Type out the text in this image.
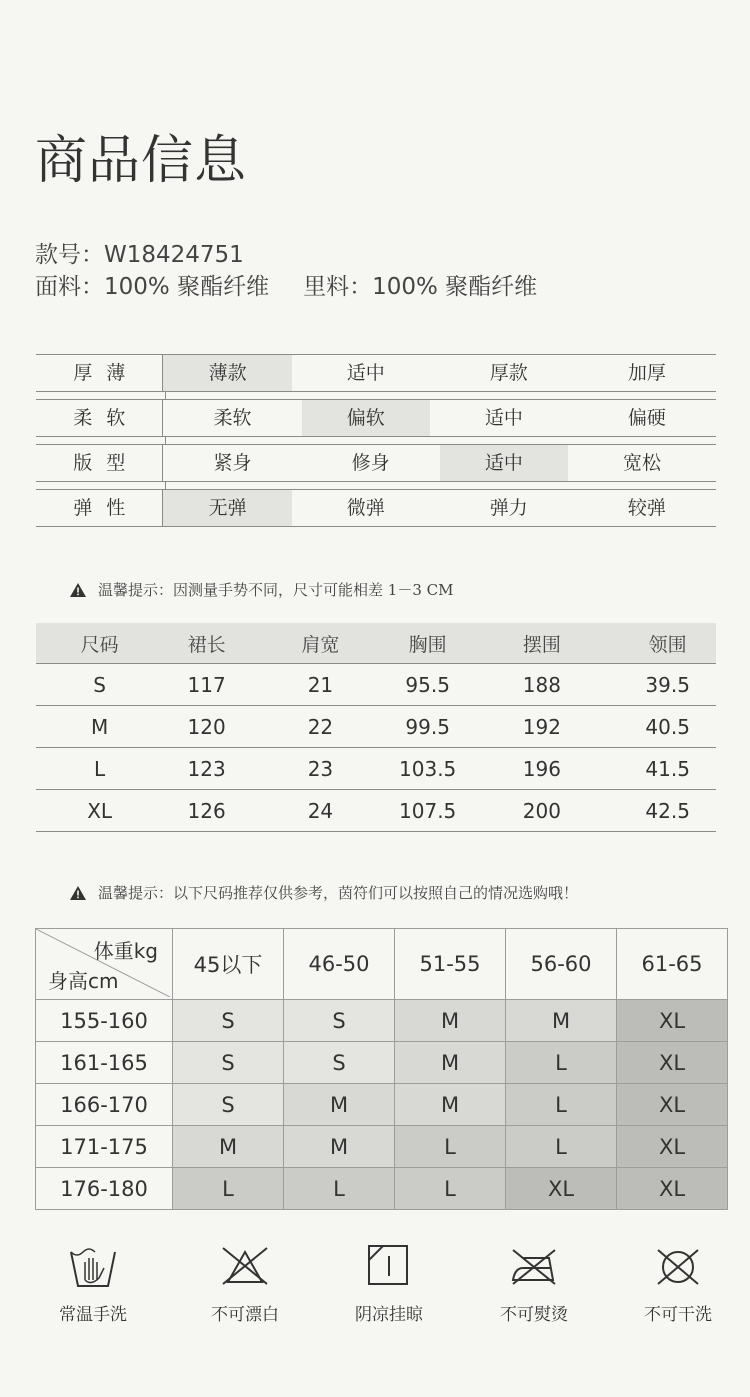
商品信息
款号：W18424751
面料：100% 聚酯纤维 里料：100% 聚酯纤维
厚薄	薄款	适中	厚款	加厚
柔软	柔软	偏软	适中	偏硬
版型	紧身	修身	适中	宽松
弹性	无弹	微弹	弹力	较弹
温馨提示：因测量手势不同，尺寸可能相差 1－3 CM
尺码	裙长	肩宽	胸围	摆围	领围
S	117	21	95.5	188	39.5
M	120	22	99.5	192	40.5
L	123	23	103.5	196	41.5
XL	126	24	107.5	200	42.5
温馨提示：以下尺码推荐仅供参考，茵符们可以按照自己的情况选购哦！
体重kg
身高cm	45以下	46-50	51-55	56-60	61-65
155-160	S	S	M	M	XL
161-165	S	S	M	L	XL
166-170	S	M	M	L	XL
171-175	M	M	L	L	XL
176-180	L	L	L	XL	XL
常温手洗	不可漂白	阴凉挂晾	不可熨烫	不可干洗
